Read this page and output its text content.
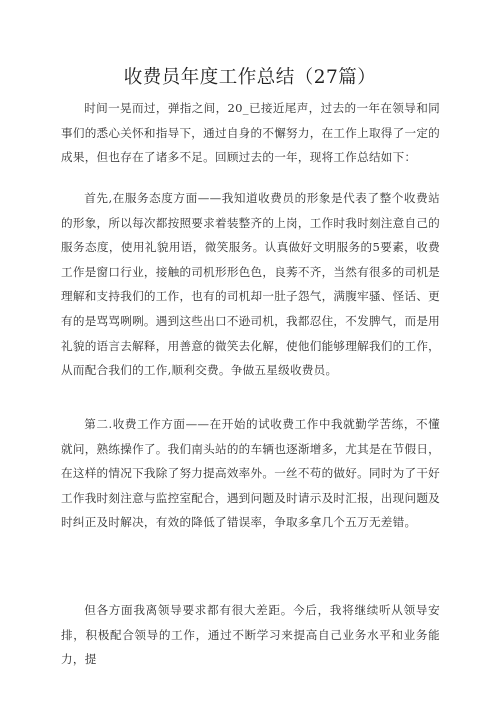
收费员年度工作总结（27篇）

时间一晃而过，弹指之间，20_已接近尾声，过去的一年在领导和同事们的悉心关怀和指导下，通过自身的不懈努力，在工作上取得了一定的成果，但也存在了诸多不足。回顾过去的一年，现将工作总结如下：

首先,在服务态度方面——我知道收费员的形象是代表了整个收费站的形象，所以每次都按照要求着装整齐的上岗，工作时我时刻注意自己的服务态度，使用礼貌用语，微笑服务。认真做好文明服务的5要素，收费工作是窗口行业，接触的司机形形色色，良莠不齐，当然有很多的司机是理解和支持我们的工作，也有的司机却一肚子怨气，满腹牢骚、怪话、更有的是骂骂咧咧。遇到这些出口不逊司机，我都忍住，不发脾气，而是用礼貌的语言去解释，用善意的微笑去化解，使他们能够理解我们的工作，从而配合我们的工作,顺利交费。争做五星级收费员。

第二.收费工作方面——在开始的试收费工作中我就勤学苦练，不懂就问，熟练操作了。我们南头站的的车辆也逐渐增多，尤其是在节假日，在这样的情况下我除了努力提高效率外。一丝不苟的做好。同时为了干好工作我时刻注意与监控室配合，遇到问题及时请示及时汇报，出现问题及时纠正及时解决，有效的降低了错误率，争取多拿几个五万无差错。

但各方面我离领导要求都有很大差距。今后，我将继续听从领导安排，积极配合领导的工作，通过不断学习来提高自己业务水平和业务能力，提
